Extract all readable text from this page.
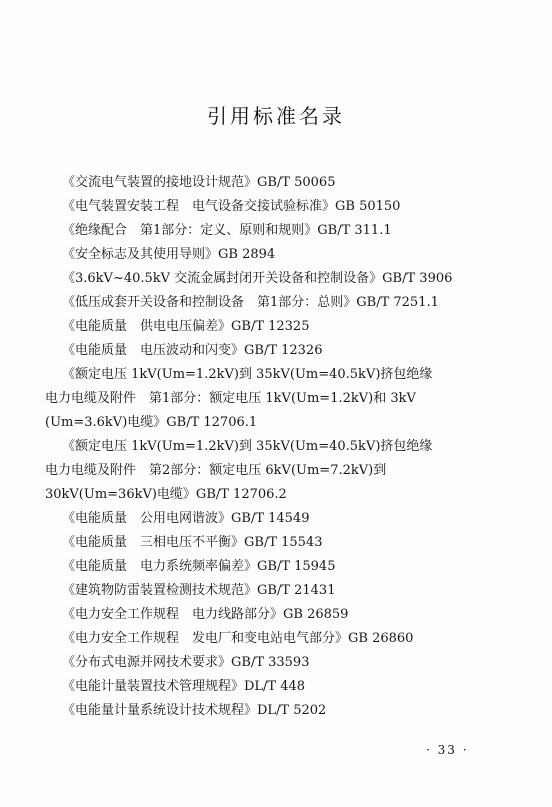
引用标准名录
《交流电气装置的接地设计规范》GB/T 50065
《电气装置安装工程　电气设备交接试验标准》GB 50150
《绝缘配合　第1部分：定义、原则和规则》GB/T 311.1
《安全标志及其使用导则》GB 2894
《3.6kV~40.5kV 交流金属封闭开关设备和控制设备》GB/T 3906
《低压成套开关设备和控制设备　第1部分：总则》GB/T 7251.1
《电能质量　供电电压偏差》GB/T 12325
《电能质量　电压波动和闪变》GB/T 12326
《额定电压 1kV(Um=1.2kV)到 35kV(Um=40.5kV)挤包绝缘
电力电缆及附件　第1部分：额定电压 1kV(Um=1.2kV)和 3kV
(Um=3.6kV)电缆》GB/T 12706.1
《额定电压 1kV(Um=1.2kV)到 35kV(Um=40.5kV)挤包绝缘
电力电缆及附件　第2部分：额定电压 6kV(Um=7.2kV)到
30kV(Um=36kV)电缆》GB/T 12706.2
《电能质量　公用电网谐波》GB/T 14549
《电能质量　三相电压不平衡》GB/T 15543
《电能质量　电力系统频率偏差》GB/T 15945
《建筑物防雷装置检测技术规范》GB/T 21431
《电力安全工作规程　电力线路部分》GB 26859
《电力安全工作规程　发电厂和变电站电气部分》GB 26860
《分布式电源并网技术要求》GB/T 33593
《电能计量装置技术管理规程》DL/T 448
《电能量计量系统设计技术规程》DL/T 5202
· 33 ·
